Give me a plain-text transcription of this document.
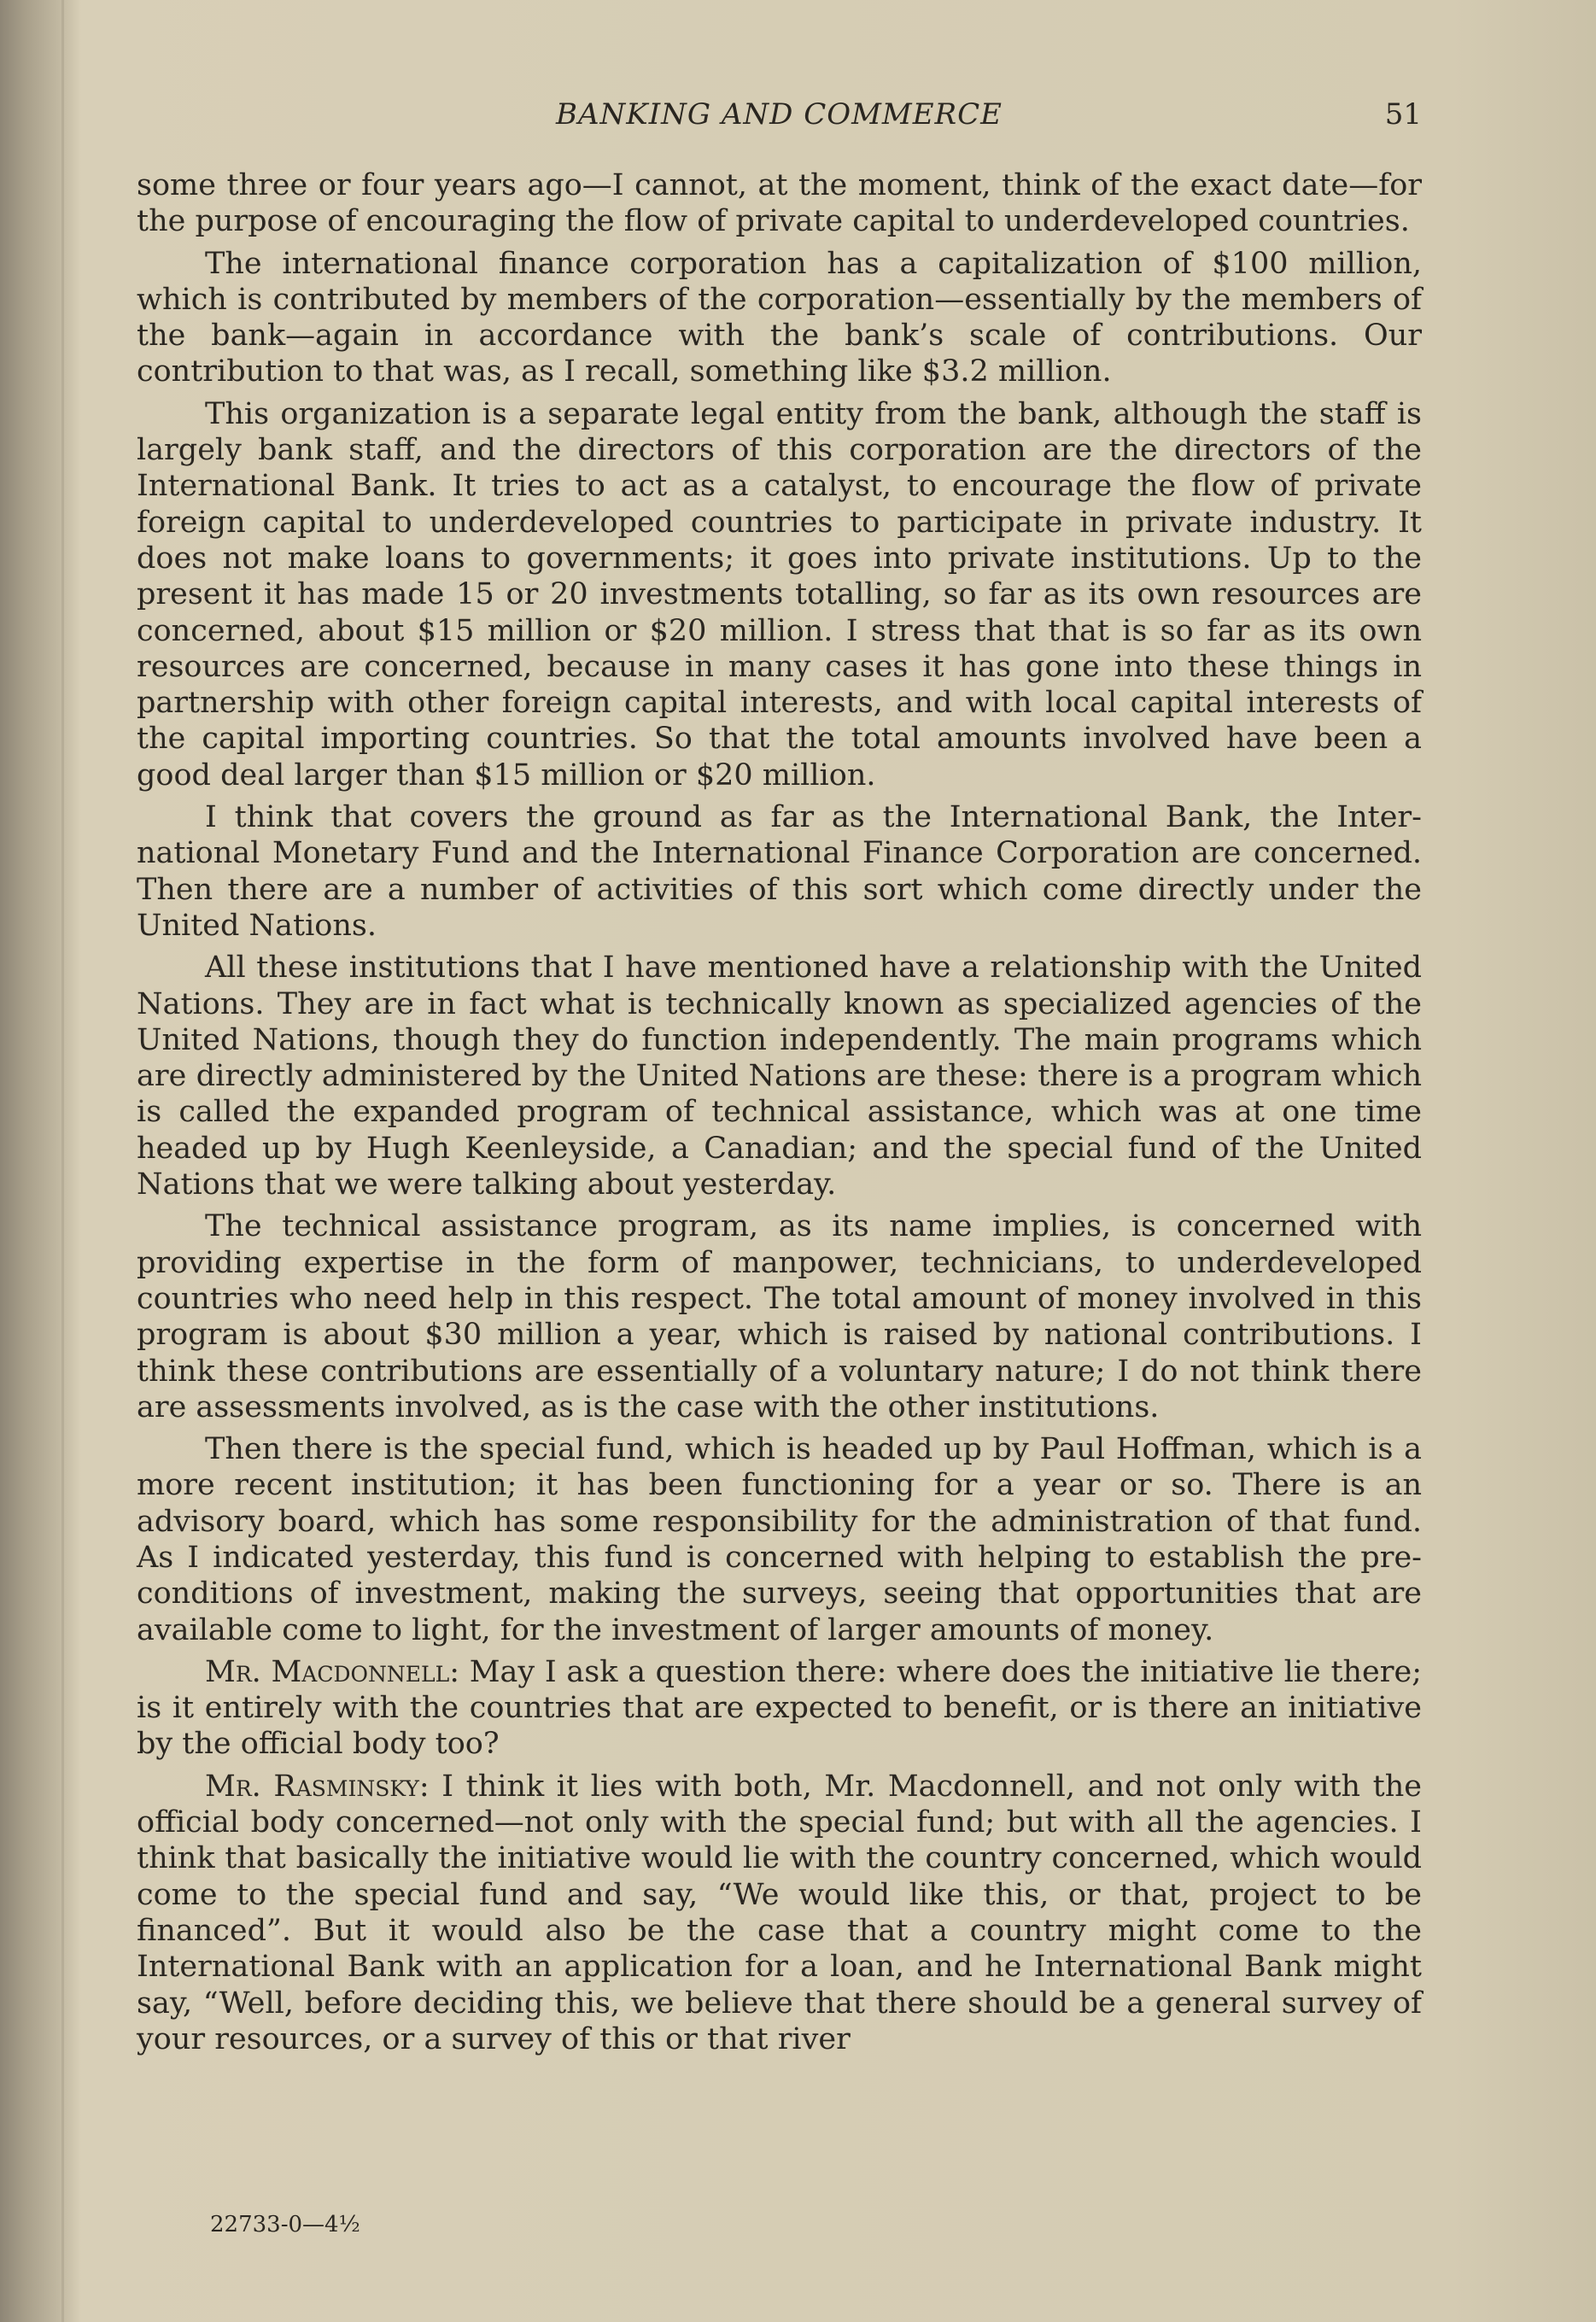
BANKING AND COMMERCE	51

some three or four years ago—I cannot, at the moment, think of the exact date—for the purpose of encouraging the flow of private capital to underdeveloped countries.

The international finance corporation has a capitalization of $100 million, which is contributed by members of the corporation—essentially by the members of the bank—again in accordance with the bank’s scale of contributions. Our contribution to that was, as I recall, something like $3.2 million.

This organization is a separate legal entity from the bank, although the staff is largely bank staff, and the directors of this corporation are the directors of the International Bank. It tries to act as a catalyst, to encourage the flow of private foreign capital to underdeveloped countries to participate in private industry. It does not make loans to governments; it goes into private institutions. Up to the present it has made 15 or 20 investments totalling, so far as its own resources are concerned, about $15 million or $20 million. I stress that that is so far as its own resources are concerned, because in many cases it has gone into these things in partnership with other foreign capital interests, and with local capital interests of the capital importing countries. So that the total amounts involved have been a good deal larger than $15 million or $20 million.

I think that covers the ground as far as the International Bank, the International Monetary Fund and the International Finance Corporation are concerned. Then there are a number of activities of this sort which come directly under the United Nations.

All these institutions that I have mentioned have a relationship with the United Nations. They are in fact what is technically known as specialized agencies of the United Nations, though they do function independently. The main programs which are directly administered by the United Nations are these: there is a program which is called the expanded program of technical assistance, which was at one time headed up by Hugh Keenleyside, a Canadian; and the special fund of the United Nations that we were talking about yesterday.

The technical assistance program, as its name implies, is concerned with providing expertise in the form of manpower, technicians, to underdeveloped countries who need help in this respect. The total amount of money involved in this program is about $30 million a year, which is raised by national contributions. I think these contributions are essentially of a voluntary nature; I do not think there are assessments involved, as is the case with the other institutions.

Then there is the special fund, which is headed up by Paul Hoffman, which is a more recent institution; it has been functioning for a year or so. There is an advisory board, which has some responsibility for the administration of that fund. As I indicated yesterday, this fund is concerned with helping to establish the pre-conditions of investment, making the surveys, seeing that opportunities that are available come to light, for the investment of larger amounts of money.

Mr. Macdonnell: May I ask a question there: where does the initiative lie there; is it entirely with the countries that are expected to benefit, or is there an initiative by the official body too?

Mr. Rasminsky: I think it lies with both, Mr. Macdonnell, and not only with the official body concerned—not only with the special fund; but with all the agencies. I think that basically the initiative would lie with the country concerned, which would come to the special fund and say, “We would like this, or that, project to be financed”. But it would also be the case that a country might come to the International Bank with an application for a loan, and he International Bank might say, “Well, before deciding this, we believe that there should be a general survey of your resources, or a survey of this or that river

22733-0—4½
